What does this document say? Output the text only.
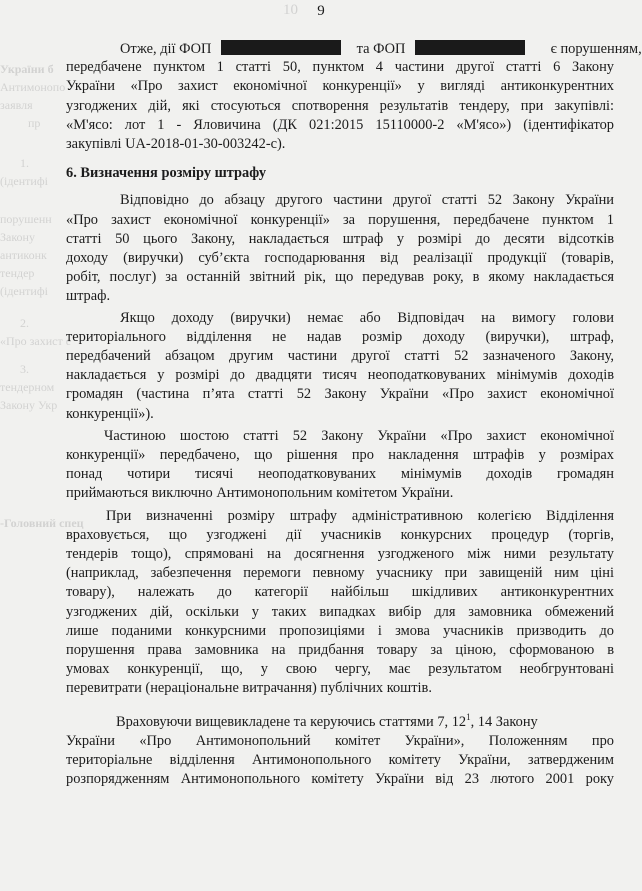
10
України б
Антимонопо
заявля
пр
1.
(ідентифі
порушенн
Закону
антиконк
тендер
(ідентифі
2.
«Про захист е
3.
тендерном
Закону Укр
-Головний спец
9
Отже, дії ФОП	та ФОП	є порушенням,
передбачене пунктом 1 статті 50, пунктом 4 частини другої статті 6 Закону
України «Про захист економічної конкуренції» у вигляді антиконкурентних
узгоджених дій, які стосуються спотворення результатів тендеру, при закупівлі:
«М'ясо: лот 1 - Яловичина (ДК 021:2015 15110000-2 «М'ясо») (ідентифікатор
закупівлі UA-2018-01-30-003242-c).
6. Визначення розміру штрафу
Відповідно до абзацу другого частини другої статті 52 Закону України
«Про захист економічної конкуренції» за порушення, передбачене пунктом 1
статті 50 цього Закону, накладається штраф у розмірі до десяти відсотків
доходу (виручки) суб’єкта господарювання від реалізації продукції (товарів,
робіт, послуг) за останній звітний рік, що передував року, в якому накладається
штраф.
Якщо доходу (виручки) немає або Відповідач на вимогу голови
територіального відділення не надав розмір доходу (виручки), штраф,
передбачений абзацом другим частини другої статті 52 зазначеного Закону,
накладається у розмірі до двадцяти тисяч неоподатковуваних мінімумів доходів
громадян (частина п’ята статті 52 Закону України «Про захист економічної
конкуренції»).
Частиною шостою статті 52 Закону України «Про захист економічної
конкуренції» передбачено, що рішення про накладення штрафів у розмірах
понад чотири тисячі неоподатковуваних мінімумів доходів громадян
приймаються виключно Антимонопольним комітетом України.
При визначенні розміру штрафу адміністративною колегією Відділення
враховується, що узгоджені дії учасників конкурсних процедур (торгів,
тендерів тощо), спрямовані на досягнення узгодженого між ними результату
(наприклад, забезпечення перемоги певному учаснику при завищеній ним ціні
товару), належать до категорії найбільш шкідливих антиконкурентних
узгоджених дій, оскільки у таких випадках вибір для замовника обмежений
лише поданими конкурсними пропозиціями і змова учасників призводить до
порушення права замовника на придбання товару за ціною, сформованою в
умовах конкуренції, що, у свою чергу, має результатом необгрунтовані
перевитрати (нераціональне витрачання) публічних коштів.
Враховуючи вищевикладене та керуючись статтями 7, $12^1$, 14 Закону
України «Про Антимонопольний комітет України», Положенням про
територіальне відділення Антимонопольного комітету України, затвердженим
розпорядженням Антимонопольного комітету України від 23 лютого 2001 року
